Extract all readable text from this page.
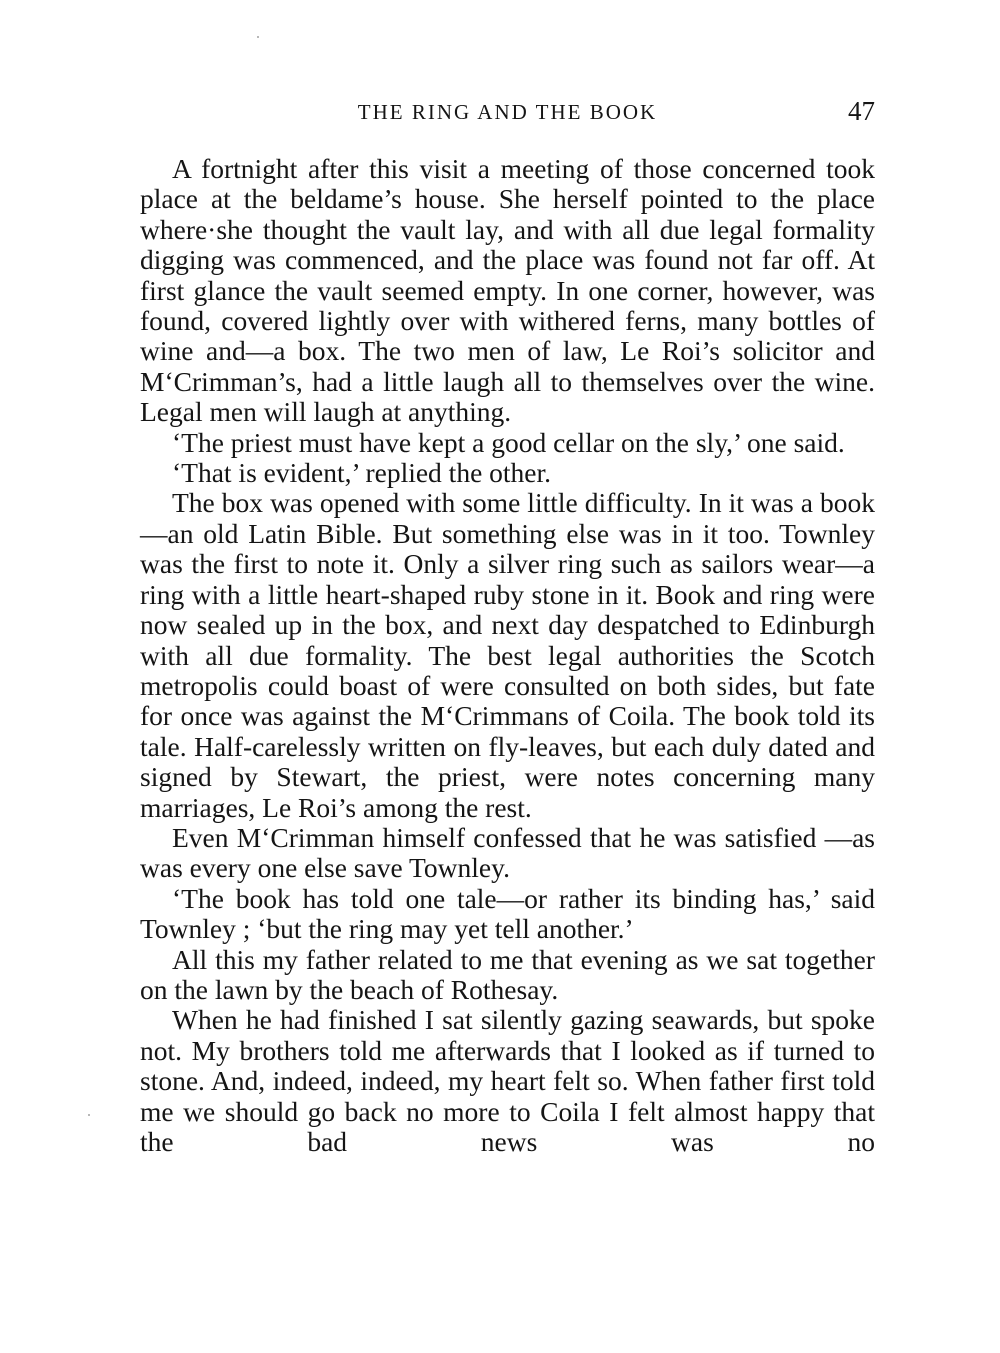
THE RING AND THE BOOK	47

A fortnight after this visit a meeting of those concerned took place at the beldame’s house. She herself pointed to the place where·she thought the vault lay, and with all due legal formality digging was commenced, and the place was found not far off. At first glance the vault seemed empty. In one corner, however, was found, covered lightly over with withered ferns, many bottles of wine and—a box. The two men of law, Le Roi’s solicitor and M‘Crimman’s, had a little laugh all to themselves over the wine. Legal men will laugh at anything.

‘The priest must have kept a good cellar on the sly,’ one said.

‘That is evident,’ replied the other.

The box was opened with some little difficulty. In it was a book—an old Latin Bible. But something else was in it too. Townley was the first to note it. Only a silver ring such as sailors wear—a ring with a little heart-shaped ruby stone in it. Book and ring were now sealed up in the box, and next day despatched to Edinburgh with all due formality. The best legal authorities the Scotch metropolis could boast of were consulted on both sides, but fate for once was against the M‘Crimmans of Coila. The book told its tale. Half-carelessly written on fly-leaves, but each duly dated and signed by Stewart, the priest, were notes concerning many marriages, Le Roi’s among the rest.

Even M‘Crimman himself confessed that he was satisfied —as was every one else save Townley.

‘The book has told one tale—or rather its binding has,’ said Townley ; ‘but the ring may yet tell another.’

All this my father related to me that evening as we sat together on the lawn by the beach of Rothesay.

When he had finished I sat silently gazing seawards, but spoke not. My brothers told me afterwards that I looked as if turned to stone. And, indeed, indeed, my heart felt so. When father first told me we should go back no more to Coila I felt almost happy that the bad news was no
